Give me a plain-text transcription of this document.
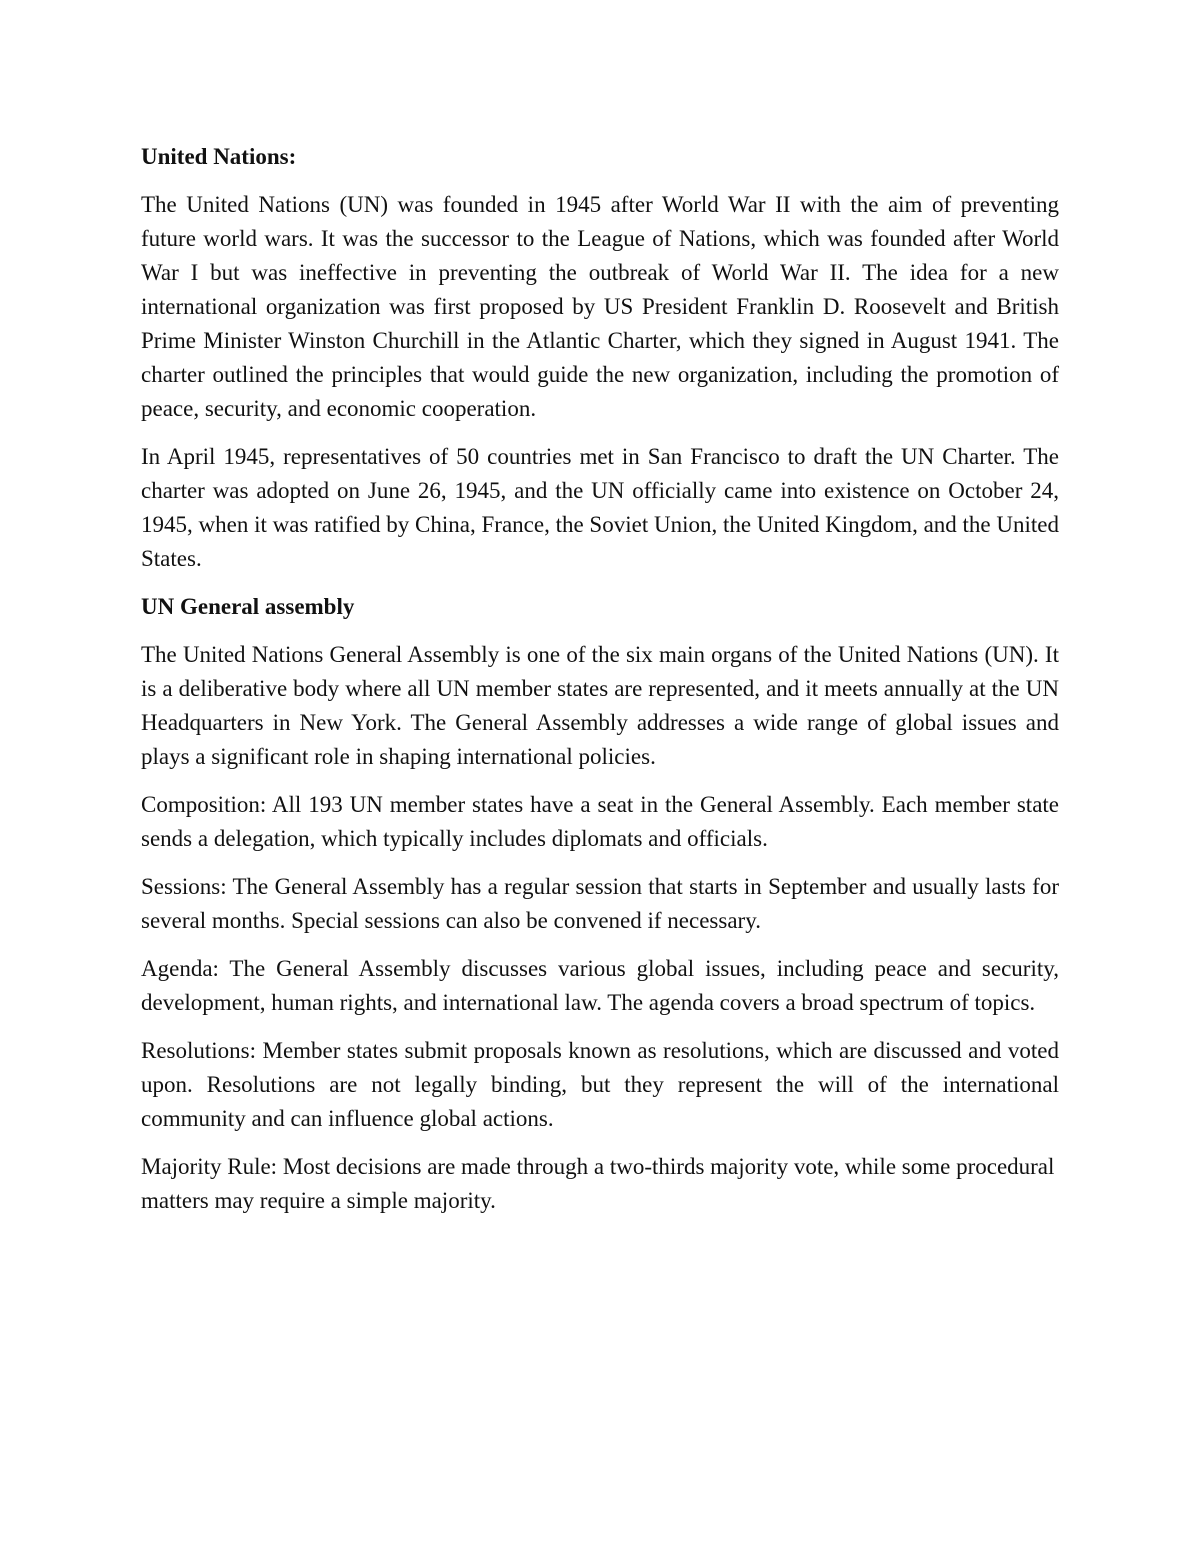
United Nations:

The United Nations (UN) was founded in 1945 after World War II with the aim of preventing future world wars. It was the successor to the League of Nations, which was founded after World War I but was ineffective in preventing the outbreak of World War II. The idea for a new international organization was first proposed by US President Franklin D. Roosevelt and British Prime Minister Winston Churchill in the Atlantic Charter, which they signed in August 1941. The charter outlined the principles that would guide the new organization, including the promotion of peace, security, and economic cooperation.

In April 1945, representatives of 50 countries met in San Francisco to draft the UN Charter. The charter was adopted on June 26, 1945, and the UN officially came into existence on October 24, 1945, when it was ratified by China, France, the Soviet Union, the United Kingdom, and the United States.

UN General assembly

The United Nations General Assembly is one of the six main organs of the United Nations (UN). It is a deliberative body where all UN member states are represented, and it meets annually at the UN Headquarters in New York. The General Assembly addresses a wide range of global issues and plays a significant role in shaping international policies.

Composition: All 193 UN member states have a seat in the General Assembly. Each member state sends a delegation, which typically includes diplomats and officials.

Sessions: The General Assembly has a regular session that starts in September and usually lasts for several months. Special sessions can also be convened if necessary.

Agenda: The General Assembly discusses various global issues, including peace and security, development, human rights, and international law. The agenda covers a broad spectrum of topics.

Resolutions: Member states submit proposals known as resolutions, which are discussed and voted upon. Resolutions are not legally binding, but they represent the will of the international community and can influence global actions.

Majority Rule: Most decisions are made through a two-thirds majority vote, while some procedural matters may require a simple majority.
